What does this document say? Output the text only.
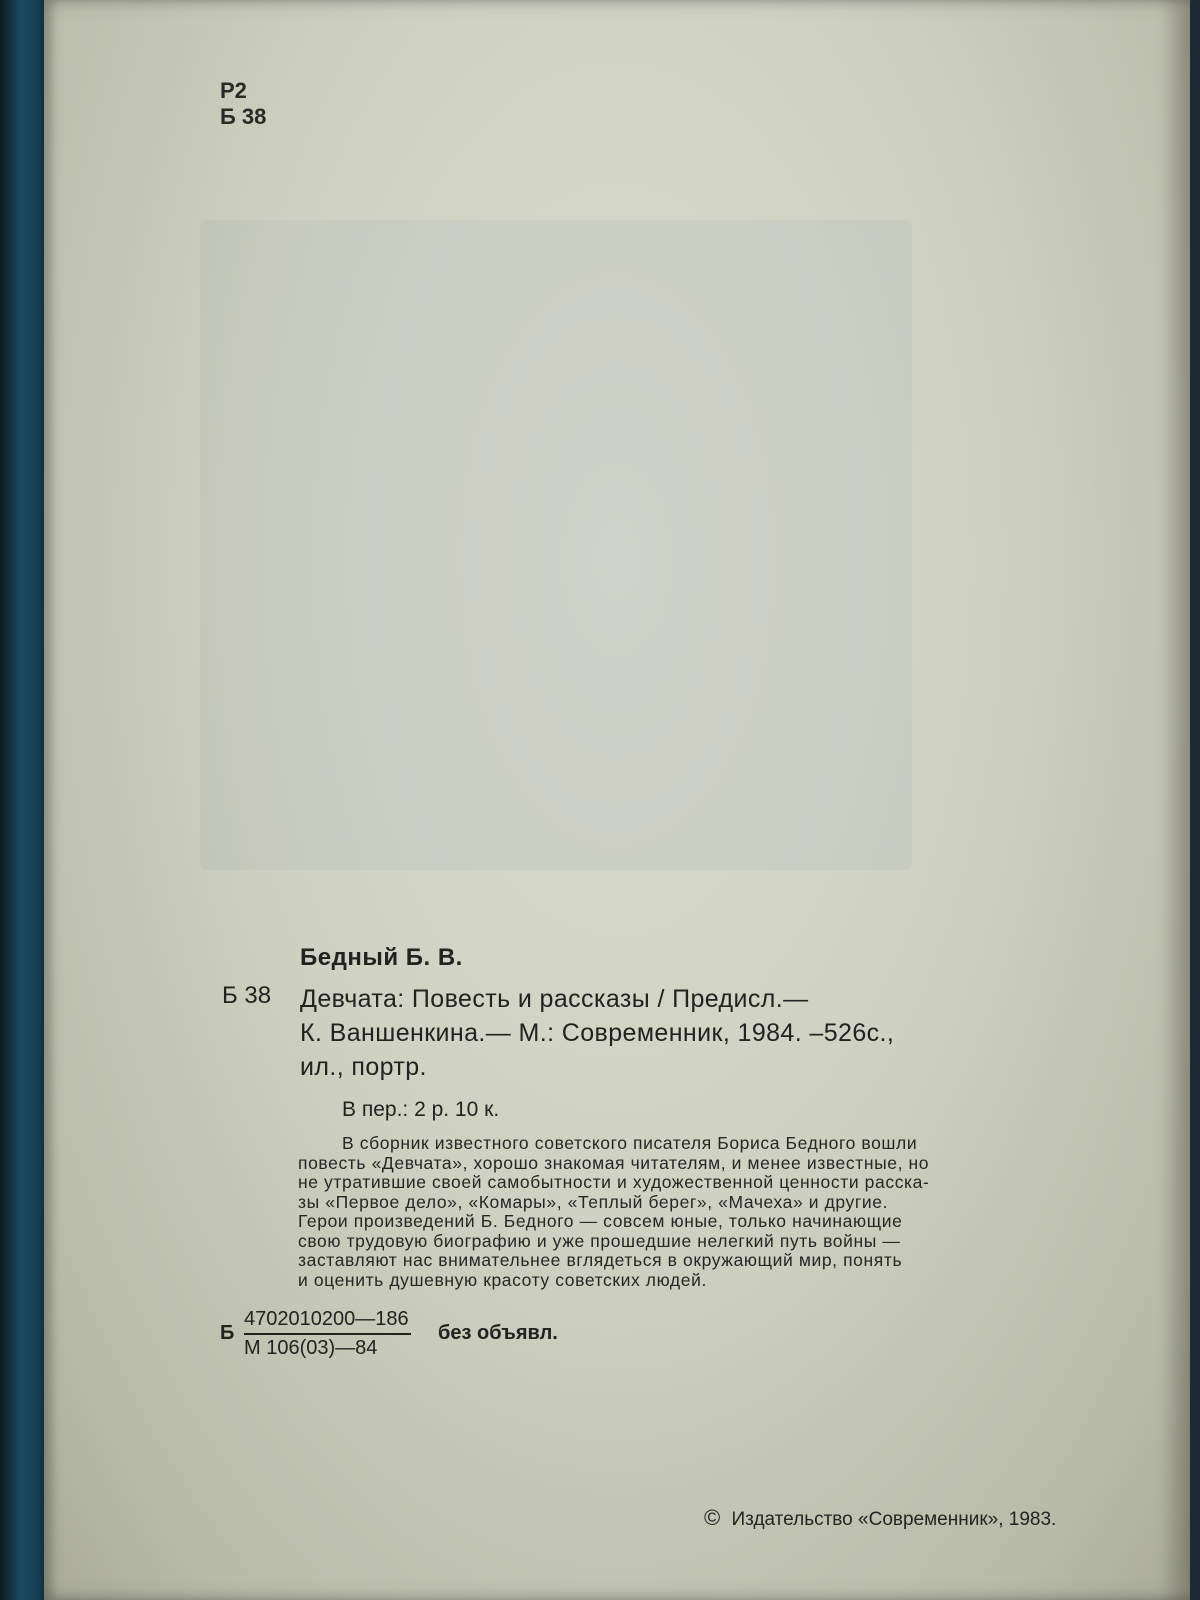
Р2
Б 38
Бедный Б. В.
Б 38 Девчата: Повесть и рассказы / Предисл.—
К. Ваншенкина.— М.: Современник, 1984. –526с.,
ил., портр.
В пер.: 2 р. 10 к.
В сборник известного советского писателя Бориса Бедного вошли
повесть «Девчата», хорошо знакомая читателям, и менее известные, но
не утратившие своей самобытности и художественной ценности расска-
зы «Первое дело», «Комары», «Теплый берег», «Мачеха» и другие.
Герои произведений Б. Бедного — совсем юные, только начинающие
свою трудовую биографию и уже прошедшие нелегкий путь войны —
заставляют нас внимательнее вглядеться в окружающий мир, понять
и оценить душевную красоту советских людей.
Б
4702010200—186
М 106(03)—84
без объявл.
© Издательство «Современник», 1983.
